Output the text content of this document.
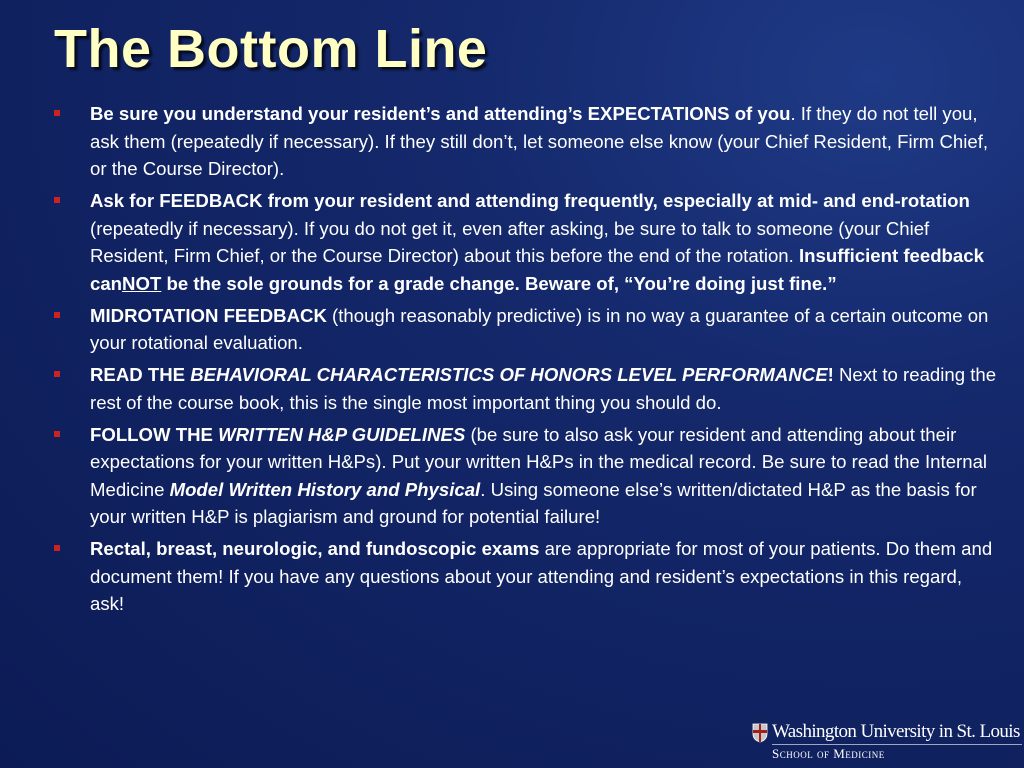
The Bottom Line
Be sure you understand your resident’s and attending’s EXPECTATIONS of you. If they do not tell you, ask them (repeatedly if necessary). If they still don’t, let someone else know (your Chief Resident, Firm Chief, or the Course Director).
Ask for FEEDBACK from your resident and attending frequently, especially at mid- and end-rotation (repeatedly if necessary). If you do not get it, even after asking, be sure to talk to someone (your Chief Resident, Firm Chief, or the Course Director) about this before the end of the rotation. Insufficient feedback canNOT be the sole grounds for a grade change. Beware of, “You’re doing just fine.”
MIDROTATION FEEDBACK (though reasonably predictive) is in no way a guarantee of a certain outcome on your rotational evaluation.
READ THE BEHAVIORAL CHARACTERISTICS OF HONORS LEVEL PERFORMANCE! Next to reading the rest of the course book, this is the single most important thing you should do.
FOLLOW THE WRITTEN H&P GUIDELINES (be sure to also ask your resident and attending about their expectations for your written H&Ps). Put your written H&Ps in the medical record. Be sure to read the Internal Medicine Model Written History and Physical. Using someone else’s written/dictated H&P as the basis for your written H&P is plagiarism and ground for potential failure!
Rectal, breast, neurologic, and fundoscopic exams are appropriate for most of your patients. Do them and document them! If you have any questions about your attending and resident’s expectations in this regard, ask!
Washington University in St. Louis
School of Medicine
